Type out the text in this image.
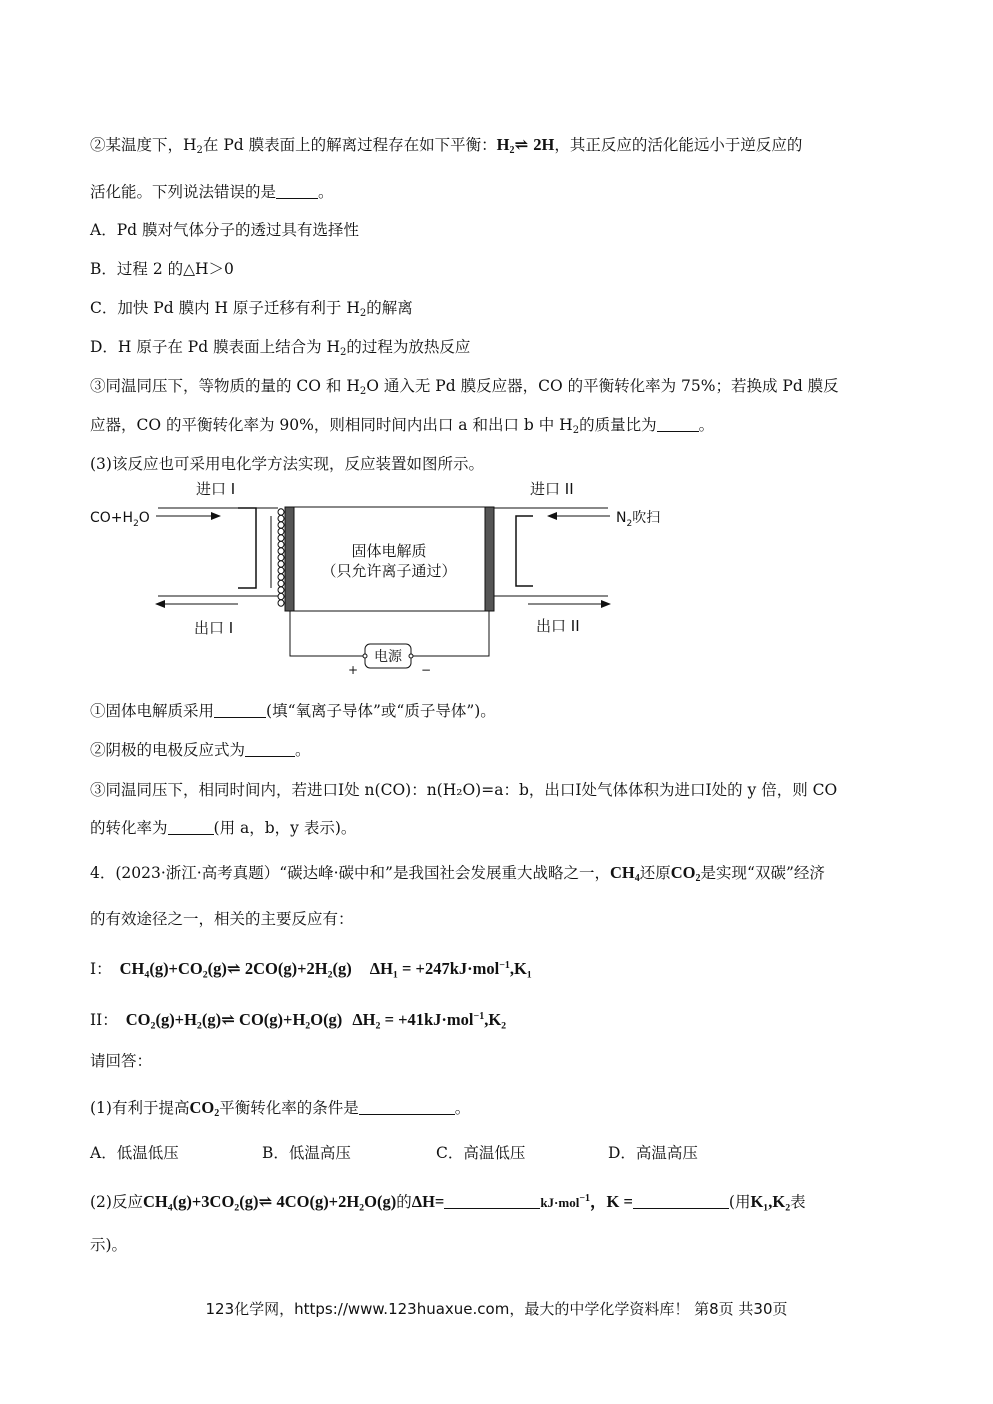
②某温度下，$H_2$在 Pd 膜表面上的解离过程存在如下平衡：$H_2\rightleftharpoons$ 2H，其正反应的活化能远小于逆反应的
活化能。下列说法错误的是	。
A．Pd 膜对气体分子的透过具有选择性
B．过程 2 的△H＞0
C．加快 Pd 膜内 H 原子迁移有利于 $H_2$的解离
D．H 原子在 Pd 膜表面上结合为 $H_2$的过程为放热反应
③同温同压下，等物质的量的 CO 和 $H_2O$ 通入无 Pd 膜反应器，CO 的平衡转化率为 75%；若换成 Pd 膜反
应器，CO 的平衡转化率为 90%，则相同时间内出口 a 和出口 b 中 $H_2$的质量比为	。
(3)该反应也可采用电化学方法实现，反应装置如图所示。
进口 I	进口 II
出口 I	出口 II
$CO+H_2O$	$N_2$吹扫
固体电解质
（只允许离子通过）
电源
+	−
①固体电解质采用	(填“氧离子导体”或“质子导体”)。
②阴极的电极反应式为	。
③同温同压下，相同时间内，若进口I处 n(CO)：n(H₂O)=a：b，出口I处气体体积为进口I处的 y 倍，则 CO
的转化率为	(用 a，b，y 表示)。
4．(2023·浙江·高考真题）“碳达峰·碳中和”是我国社会发展重大战略之一，$CH_4$还原$CO_2$是实现“双碳”经济
的有效途径之一，相关的主要反应有：
I： CH₄(g)+CO₂(g)⇌ 2CO(g)+2H₂(g) ΔH₁ = +247kJ·mol$^{-1}$,K₁
II： CO₂(g)+H₂(g)⇌ CO(g)+H₂O(g) ΔH₂ = +41kJ·mol$^{-1}$,K₂
请回答：
(1)有利于提高$CO_2$平衡转化率的条件是	。
A．低温低压	B．低温高压	C．高温低压	D．高温高压
(2)反应CH₄(g)+3CO₂(g)⇌ 4CO(g)+2H₂O(g)的ΔH=	kJ·mol$^{-1}$，K =	(用K₁,K₂表
示)。
123化学网，https://www.123huaxue.com，最大的中学化学资料库！ 第8页 共30页
